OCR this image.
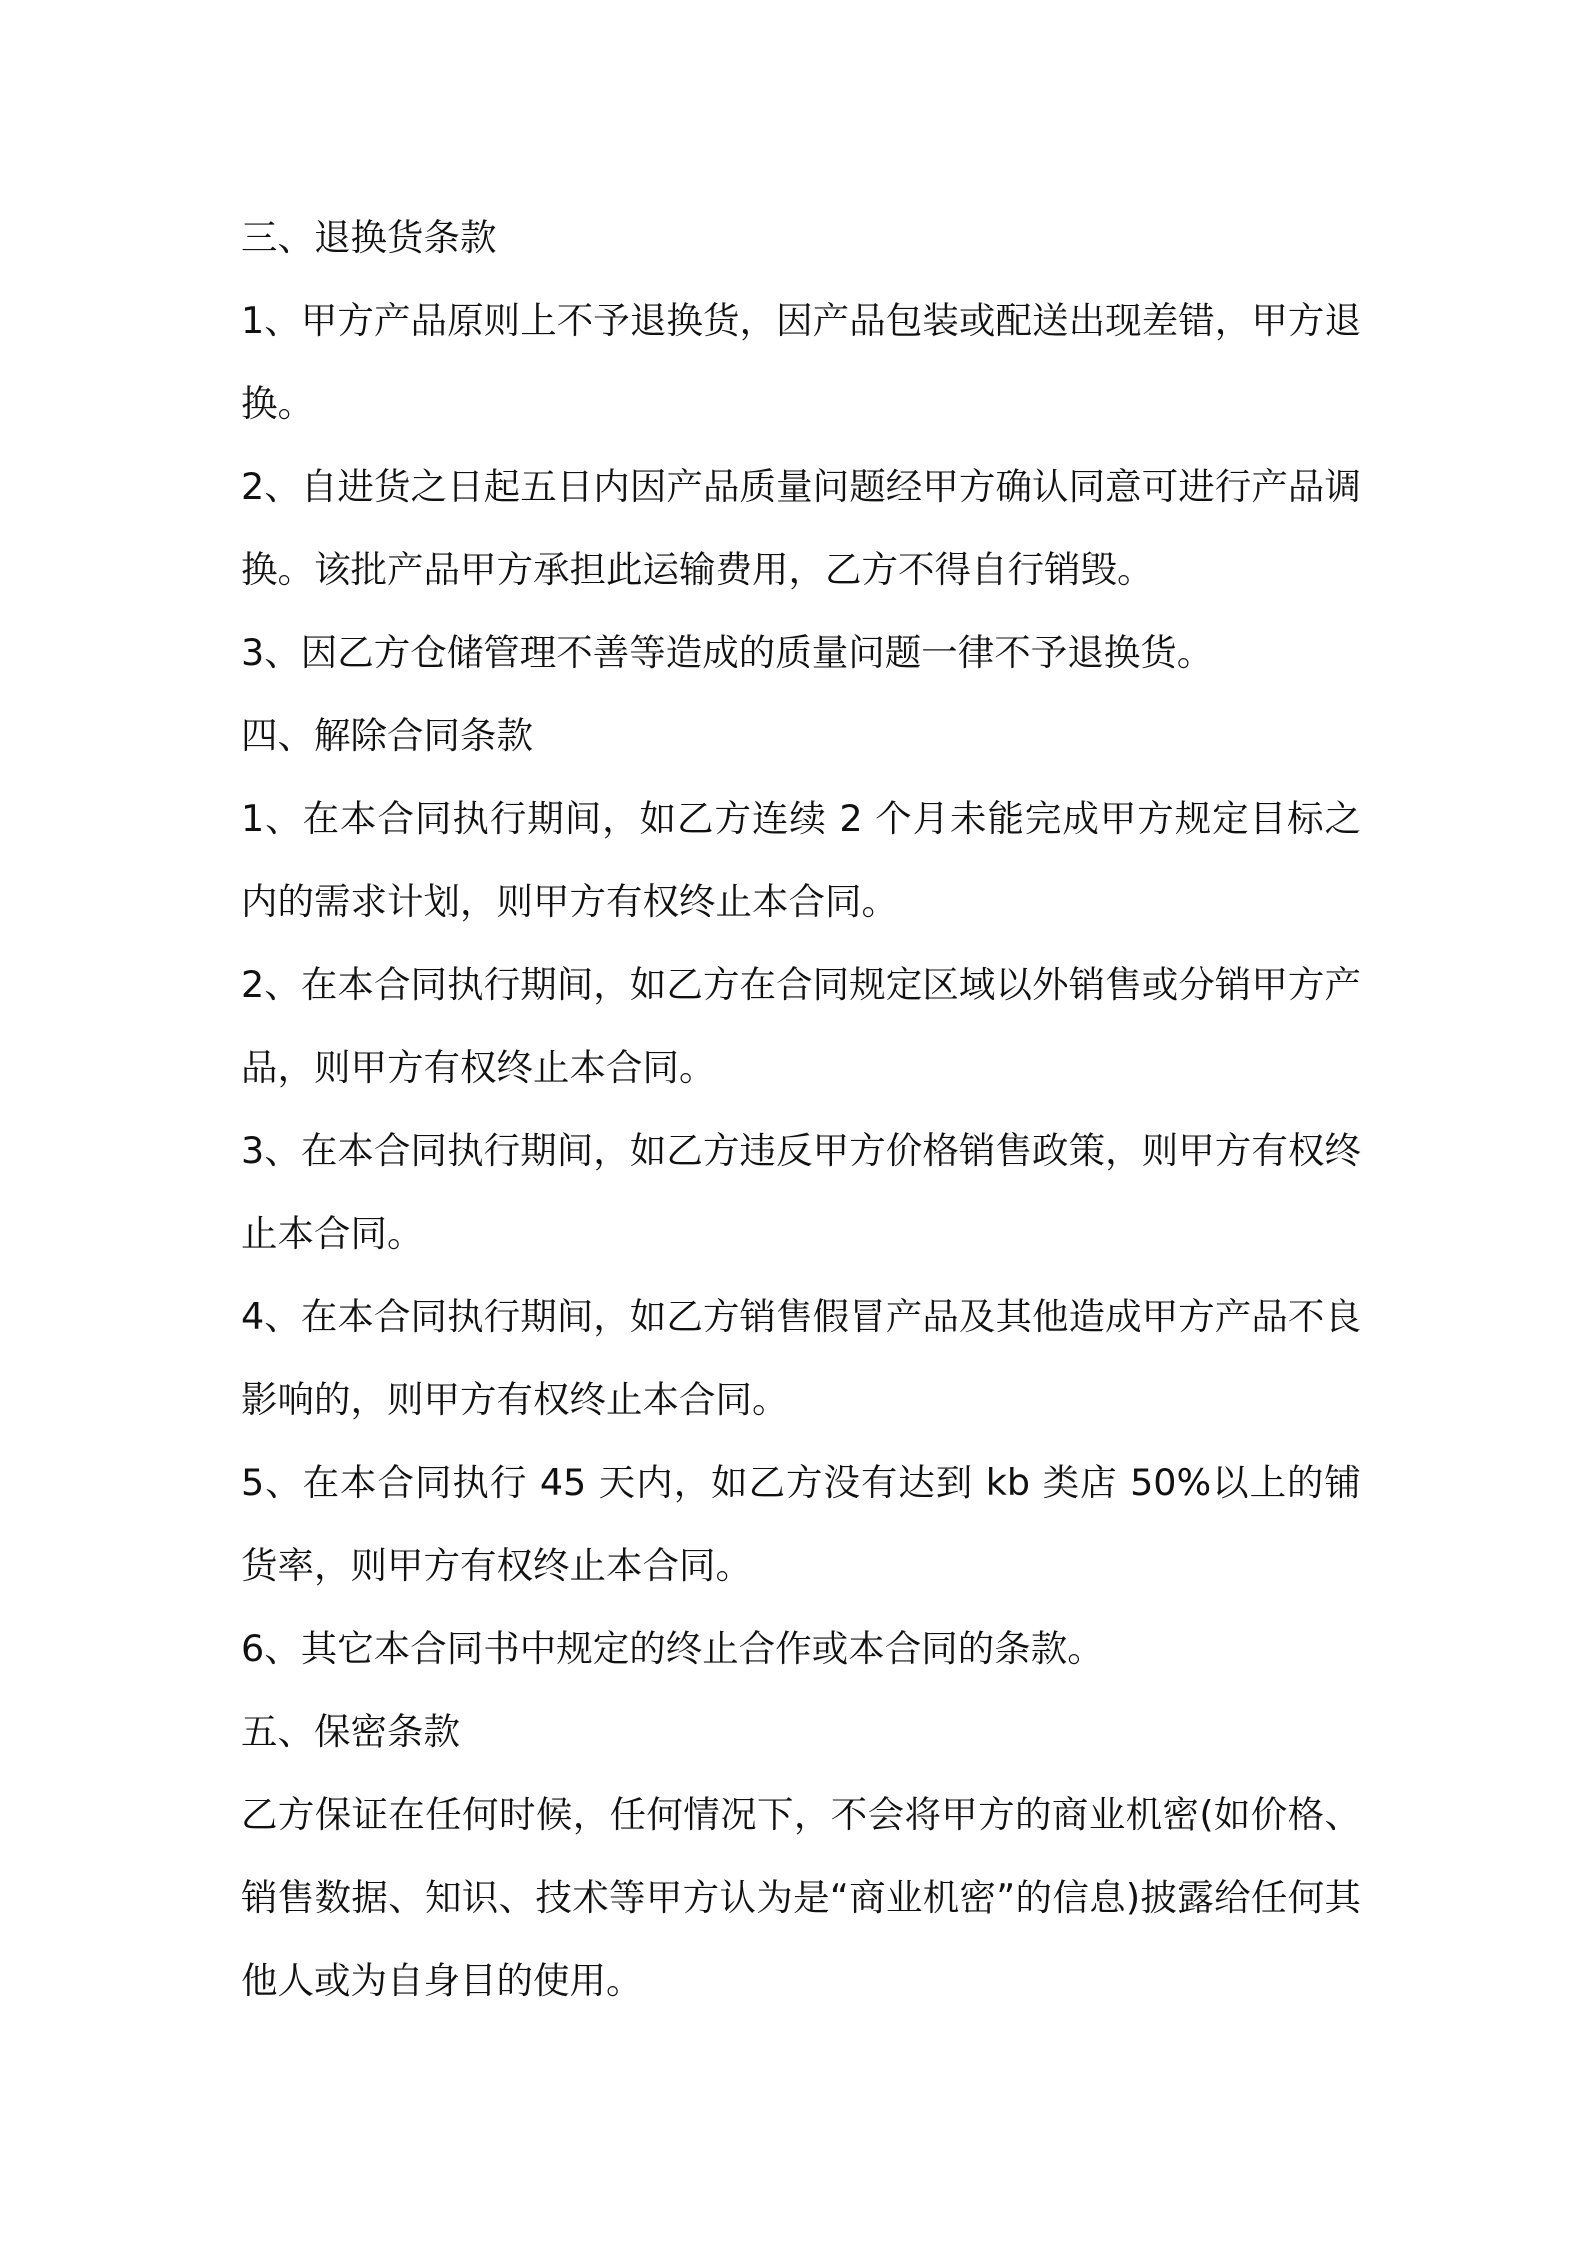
三、退换货条款

1、甲方产品原则上不予退换货，因产品包装或配送出现差错，甲方退换。

2、自进货之日起五日内因产品质量问题经甲方确认同意可进行产品调换。该批产品甲方承担此运输费用，乙方不得自行销毁。

3、因乙方仓储管理不善等造成的质量问题一律不予退换货。

四、解除合同条款

1、在本合同执行期间，如乙方连续 2 个月未能完成甲方规定目标之内的需求计划，则甲方有权终止本合同。

2、在本合同执行期间，如乙方在合同规定区域以外销售或分销甲方产品，则甲方有权终止本合同。

3、在本合同执行期间，如乙方违反甲方价格销售政策，则甲方有权终止本合同。

4、在本合同执行期间，如乙方销售假冒产品及其他造成甲方产品不良影响的，则甲方有权终止本合同。

5、在本合同执行 45 天内，如乙方没有达到 kb 类店 50%以上的铺货率，则甲方有权终止本合同。

6、其它本合同书中规定的终止合作或本合同的条款。

五、保密条款

乙方保证在任何时候，任何情况下，不会将甲方的商业机密(如价格、销售数据、知识、技术等甲方认为是“商业机密”的信息)披露给任何其他人或为自身目的使用。
